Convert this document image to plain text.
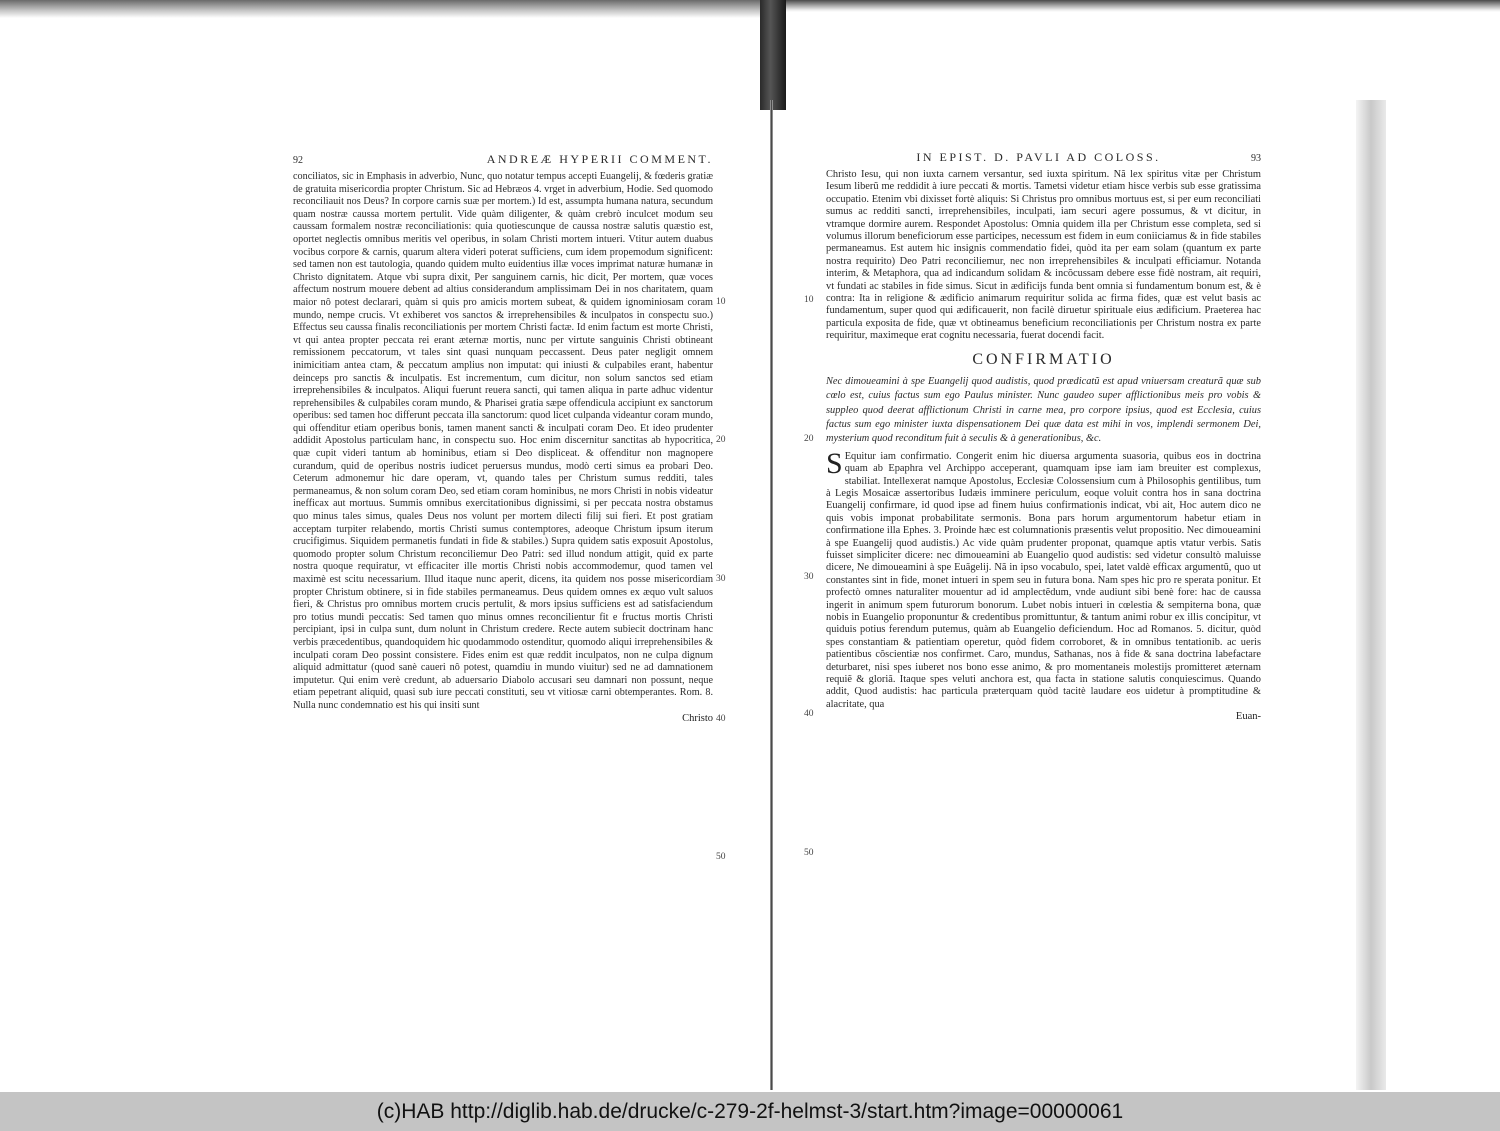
92	ANDREÆ HYPERII COMMENT.

conciliatos, sic in Emphasis in adverbio, Nunc, quo notatur tempus accepti Euangelij, & fœderis gratiæ de gratuita misericordia propter Christum. Sic ad Hebræos 4. vrget in adverbium, Hodie. Sed quomodo reconciliauit nos Deus? In corpore carnis suæ per mortem.) Id est, assumpta humana natura, secundum quam nostræ caussa mortem pertulit. Vide quàm diligenter, & quàm crebrò inculcet modum seu caussam formalem nostræ reconciliationis: quia quotiescunque de caussa nostræ salutis quæstio est, oportet neglectis omnibus meritis vel operibus, in solam Christi mortem intueri. Vtitur autem duabus vocibus corpore & carnis, quarum altera videri poterat sufficiens, cum idem propemodum significent: sed tamen non est tautologia, quando quidem multo euidentius illæ voces imprimat naturæ humanæ in Christo dignitatem. Atque vbi supra dixit, Per sanguinem carnis, hic dicit, Per mortem, quæ voces affectum nostrum mouere debent ad altius considerandum amplissimam Dei in nos charitatem, quam maior nô potest declarari, quàm si quis pro amicis mortem subeat, & quidem ignominiosam coram mundo, nempe crucis. Vt exhiberet vos sanctos & irreprehensibiles & inculpatos in conspectu suo.) Effectus seu caussa finalis reconciliationis per mortem Christi factæ. Id enim factum est morte Christi, vt qui antea propter peccata rei erant æternæ mortis, nunc per virtute sanguinis Christi obtineant remissionem peccatorum, vt tales sint quasi nunquam peccassent. Deus pater negligit omnem inimicitiam antea ctam, & peccatum amplius non imputat: qui iniusti & culpabiles erant, habentur deinceps pro sanctis & inculpatis. Est incrementum, cum dicitur, non solum sanctos sed etiam irreprehensibiles & inculpatos. Aliqui fuerunt reuera sancti, qui tamen aliqua in parte adhuc videntur reprehensibiles & culpabiles coram mundo, & Pharisei gratia sæpe offendicula accipiunt ex sanctorum operibus: sed tamen hoc differunt peccata illa sanctorum: quod licet culpanda videantur coram mundo, qui offenditur etiam operibus bonis, tamen manent sancti & inculpati coram Deo. Et ideo prudenter addidit Apostolus particulam hanc, in conspectu suo. Hoc enim discernitur sanctitas ab hypocritica, quæ cupit videri tantum ab hominibus, etiam si Deo displiceat. & offenditur non magnopere curandum, quid de operibus nostris iudicet peruersus mundus, modò certi simus ea probari Deo. Ceterum admonemur hic dare operam, vt, quando tales per Christum sumus redditi, tales permaneamus, & non solum coram Deo, sed etiam coram hominibus, ne mors Christi in nobis videatur inefficax aut mortuus. Summis omnibus exercitationibus dignissimi, si per peccata nostra obstamus quo minus tales simus, quales Deus nos volunt per mortem dilecti filij sui fieri. Et post gratiam acceptam turpiter relabendo, mortis Christi sumus contemptores, adeoque Christum ipsum iterum crucifigimus. Siquidem permanetis fundati in fide & stabiles.) Supra quidem satis exposuit Apostolus, quomodo propter solum Christum reconciliemur Deo Patri: sed illud nondum attigit, quid ex parte nostra quoque requiratur, vt efficaciter ille mortis Christi nobis accommodemur, quod tamen vel maximè est scitu necessarium. Illud itaque nunc aperit, dicens, ita quidem nos posse misericordiam propter Christum obtinere, si in fide stabiles permaneamus. Deus quidem omnes ex æquo vult saluos fieri, & Christus pro omnibus mortem crucis pertulit, & mors ipsius sufficiens est ad satisfaciendum pro totius mundi peccatis: Sed tamen quo minus omnes reconcilientur fit e fructus mortis Christi percipiant, ipsi in culpa sunt, dum nolunt in Christum credere. Recte autem subiecit doctrinam hanc verbis præcedentibus, quandoquidem hic quodammodo ostenditur, quomodo aliqui irreprehensibiles & inculpati coram Deo possint consistere. Fides enim est quæ reddit inculpatos, non ne culpa dignum aliquid admittatur (quod sanè caueri nô potest, quamdiu in mundo viuitur) sed ne ad damnationem imputetur. Qui enim verè credunt, ab aduersario Diabolo accusari seu damnari non possunt, neque etiam pepetrant aliquid, quasi sub iure peccati constituti, seu vt vitiosæ carni obtemperantes. Rom. 8. Nulla nunc condemnatio est his qui insiti sunt

Christo
10
20
30
40
50
IN EPIST. D. PAVLI AD COLOSS.	93

Christo Iesu, qui non iuxta carnem versantur, sed iuxta spiritum. Nã lex spiritus vitæ per Christum Iesum liberũ me reddidit à iure peccati & mortis. Tametsi videtur etiam hisce verbis sub esse gratissima occupatio. Etenim vbi dixisset fortè aliquis: Si Christus pro omnibus mortuus est, si per eum reconciliati sumus ac redditi sancti, irreprehensibiles, inculpati, iam securi agere possumus, & vt dicitur, in vtramque dormire aurem. Respondet Apostolus: Omnia quidem illa per Christum esse completa, sed si volumus illorum beneficiorum esse participes, necessum est fidem in eum coniiciamus & in fide stabiles permaneamus. Est autem hic insignis commendatio fidei, quòd ita per eam solam (quantum ex parte nostra requirito) Deo Patri reconciliemur, nec non irreprehensibiles & inculpati efficiamur. Notanda interim, & Metaphora, qua ad indicandum solidam & incõcussam debere esse fidè nostram, ait requiri, vt fundati ac stabiles in fide simus. Sicut in ædificijs funda bent omnia si fundamentum bonum est, & è contra: Ita in religione & ædificio animarum requiritur solida ac firma fides, quæ est velut basis ac fundamentum, super quod qui ædificauerit, non facilè diruetur spirituale eius ædificium. Praeterea hac particula exposita de fide, quæ vt obtineamus beneficium reconciliationis per Christum nostra ex parte requiritur, maximeque erat cognitu necessaria, fuerat docendi facit.

CONFIRMATIO

Nec dimoueamini à spe Euangelij quod audistis, quod prædicatũ est apud vniuersam creaturã quæ sub cœlo est, cuius factus sum ego Paulus minister. Nunc gaudeo super afflictionibus meis pro vobis & suppleo quod deerat afflictionum Christi in carne mea, pro corpore ipsius, quod est Ecclesia, cuius factus sum ego minister iuxta dispensationem Dei quæ data est mihi in vos, implendi sermonem Dei, mysterium quod reconditum fuit à seculis & à generationibus, &c.

S Equitur iam confirmatio. Congerit enim hic diuersa argumenta suasoria, quibus eos in doctrina quam ab Epaphra vel Archippo acceperant, quamquam ipse iam iam breuiter est complexus, stabiliat. Intellexerat namque Apostolus, Ecclesiæ Colossensium cum à Philosophis gentilibus, tum à Legis Mosaicæ assertoribus Iudæis imminere periculum, eoque voluit contra hos in sana doctrina Euangelij confirmare, id quod ipse ad finem huius confirmationis indicat, vbi ait, Hoc autem dico ne quis vobis imponat probabilitate sermonis. Bona pars horum argumentorum habetur etiam in confirmatione illa Ephes. 3. Proinde hæc est columnationis præsentis velut propositio. Nec dimoueamini à spe Euangelij quod audistis.) Ac vide quàm prudenter proponat, quamque aptis vtatur verbis. Satis fuisset simpliciter dicere: nec dimoueamini ab Euangelio quod audistis: sed videtur consultò maluisse dicere, Ne dimoueamini à spe Euãgelij. Nã in ipso vocabulo, spei, latet valdè efficax argumentũ, quo ut constantes sint in fide, monet intueri in spem seu in futura bona. Nam spes hic pro re sperata ponitur. Et profectò omnes naturaliter mouentur ad id amplectẽdum, vnde audiunt sibi benè fore: hac de caussa ingerit in animum spem futurorum bonorum. Lubet nobis intueri in cœlestia & sempiterna bona, quæ nobis in Euangelio proponuntur & credentibus promittuntur, & tantum animi robur ex illis concipitur, vt quiduis potius ferendum putemus, quàm ab Euangelio deficiendum. Hoc ad Romanos. 5. dicitur, quòd spes constantiam & patientiam operetur, quòd fidem corroboret, & in omnibus tentationib. ac ueris patientibus cõscientiæ nos confirmet. Caro, mundus, Sathanas, nos à fide & sana doctrina labefactare deturbaret, nisi spes iuberet nos bono esse animo, & pro momentaneis molestijs promitteret æternam requiẽ & gloriã. Itaque spes veluti anchora est, qua facta in statione salutis conquiescimus. Quando addit, Quod audistis: hac particula præterquam quòd tacitè laudare eos uidetur à promptitudine & alacritate, qua

Euan-
10
20
30
40
50
(c)HAB http://diglib.hab.de/drucke/c-279-2f-helmst-3/start.htm?image=00000061
